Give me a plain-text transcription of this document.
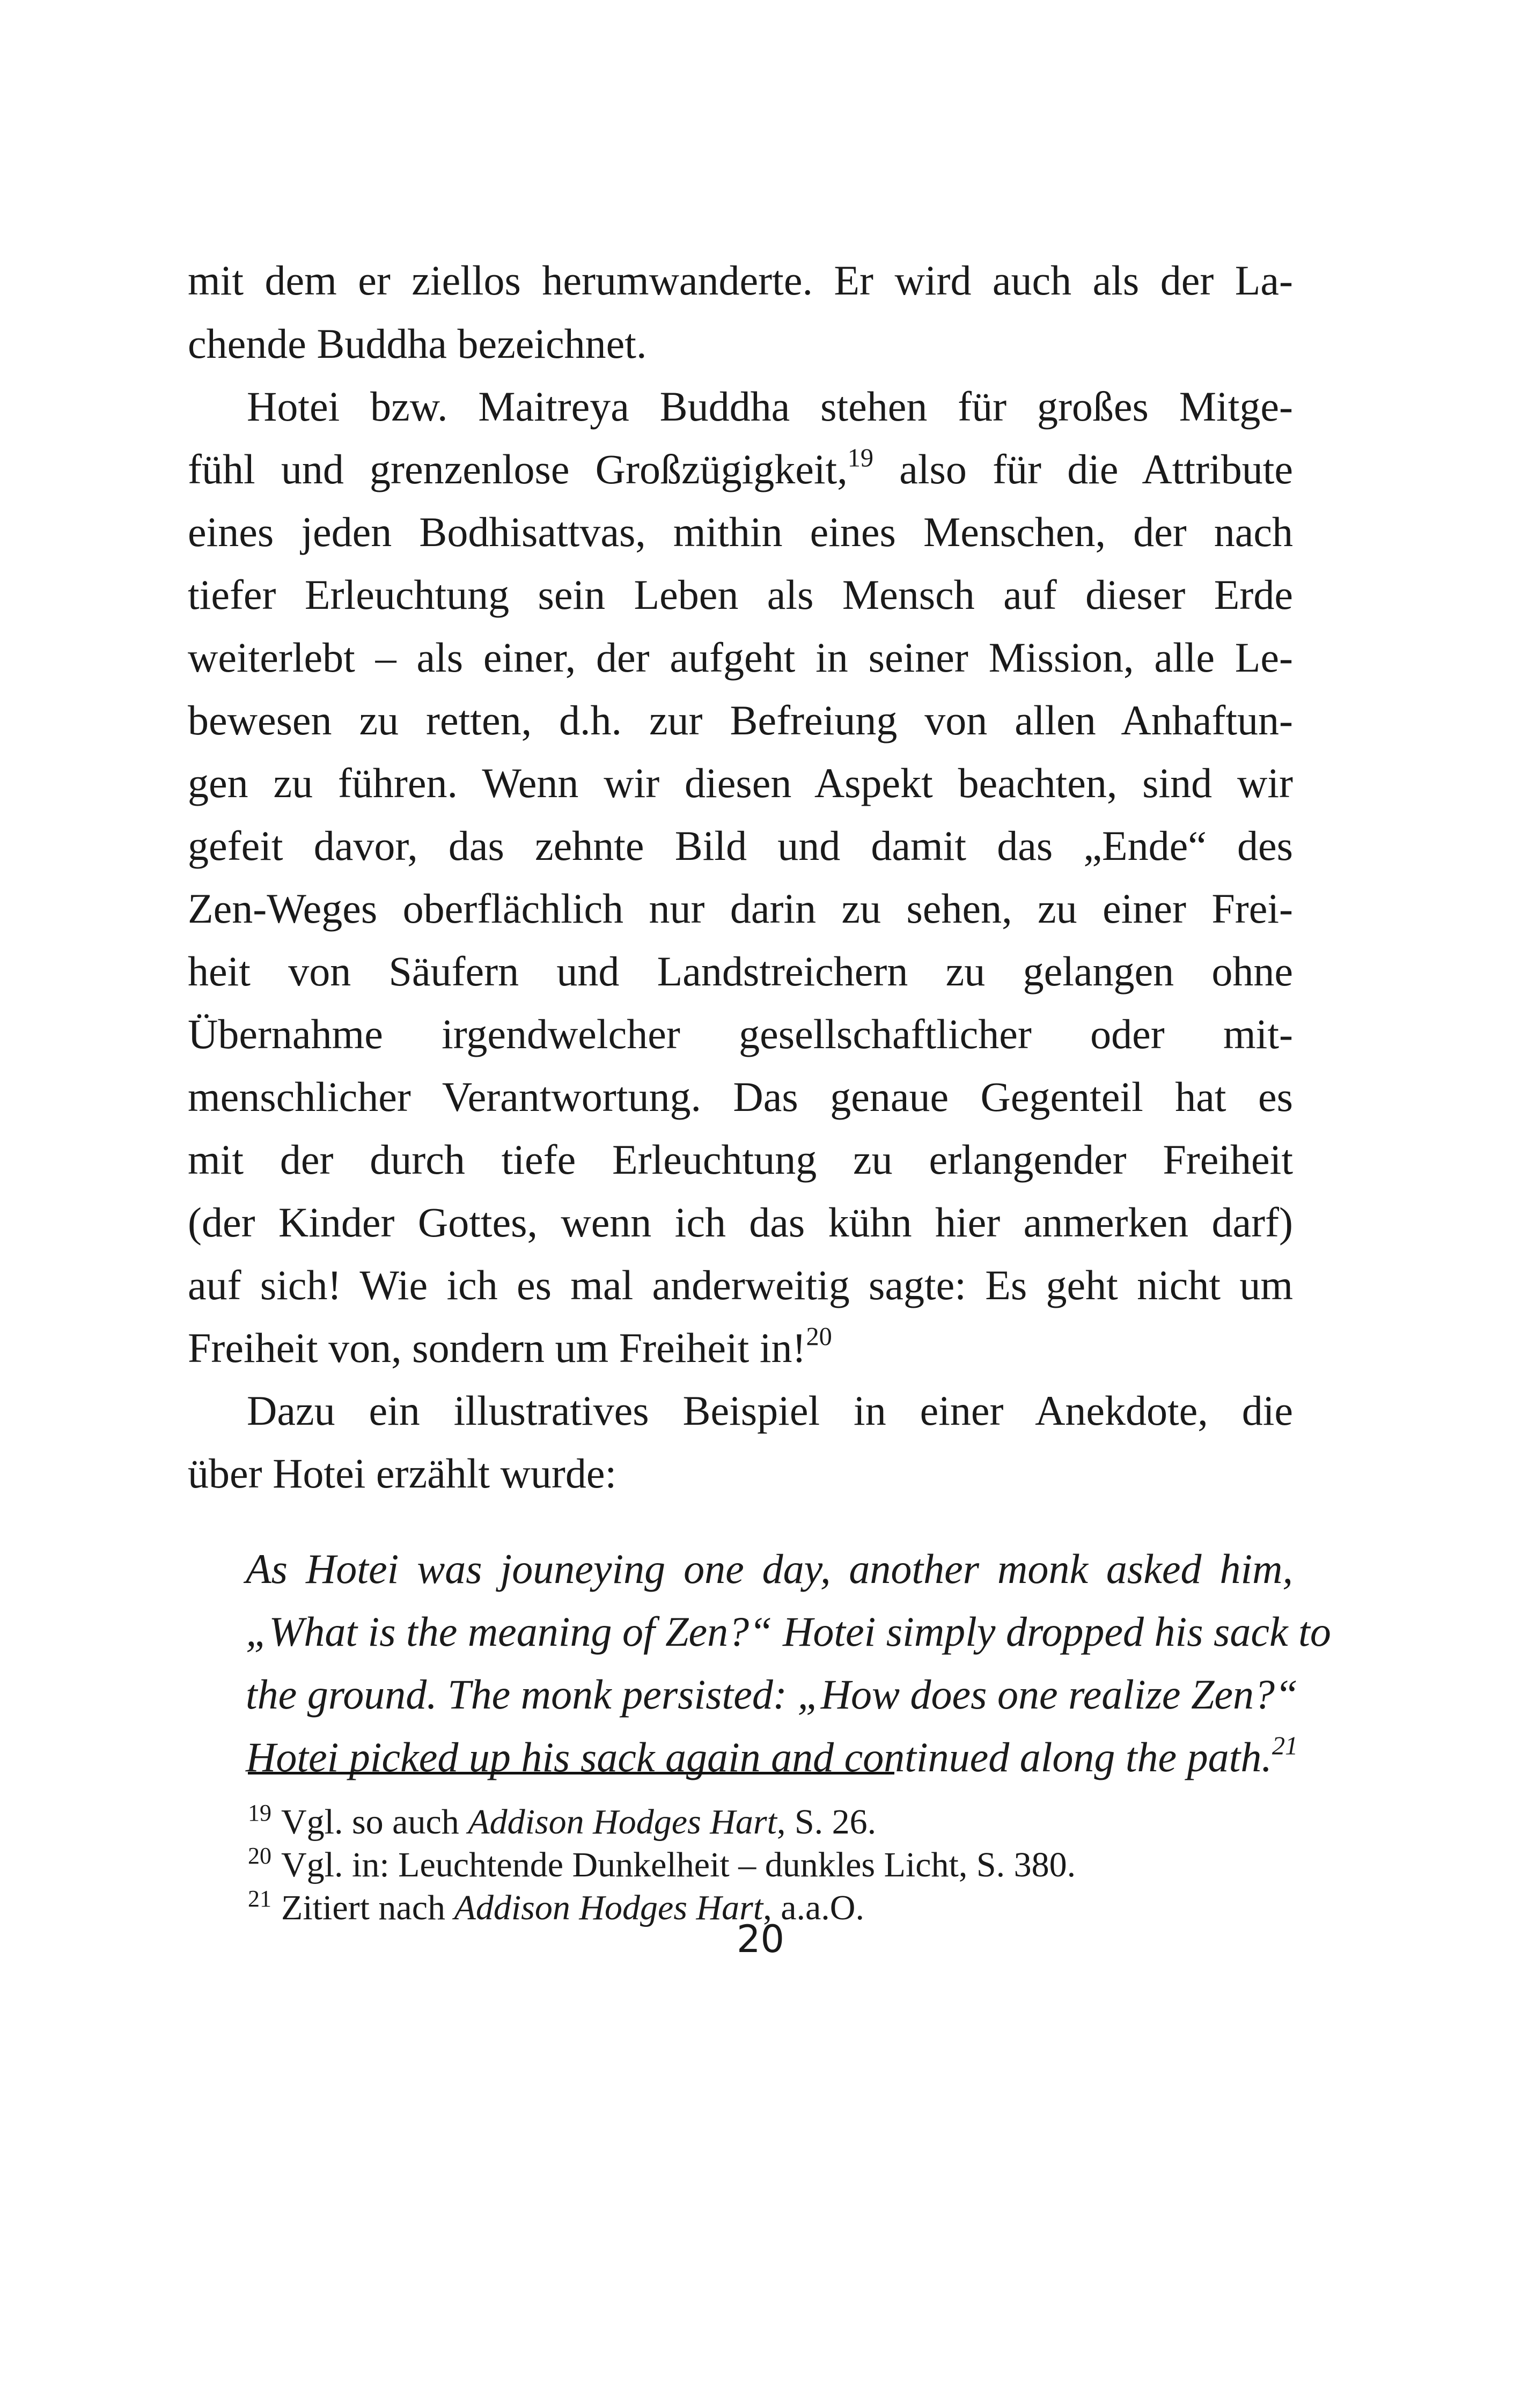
mit dem er ziellos herumwanderte. Er wird auch als der La-
chende Buddha bezeichnet.
Hotei bzw. Maitreya Buddha stehen für großes Mitge-
fühl und grenzenlose Großzügigkeit,$^{19}$ also für die Attribute
eines jeden Bodhisattvas, mithin eines Menschen, der nach
tiefer Erleuchtung sein Leben als Mensch auf dieser Erde
weiterlebt – als einer, der aufgeht in seiner Mission, alle Le-
bewesen zu retten, d.h. zur Befreiung von allen Anhaftun-
gen zu führen. Wenn wir diesen Aspekt beachten, sind wir
gefeit davor, das zehnte Bild und damit das „Ende“ des
Zen-Weges oberflächlich nur darin zu sehen, zu einer Frei-
heit von Säufern und Landstreichern zu gelangen ohne
Übernahme irgendwelcher gesellschaftlicher oder mit-
menschlicher Verantwortung. Das genaue Gegenteil hat es
mit der durch tiefe Erleuchtung zu erlangender Freiheit
(der Kinder Gottes, wenn ich das kühn hier anmerken darf)
auf sich! Wie ich es mal anderweitig sagte: Es geht nicht um
Freiheit von, sondern um Freiheit in!$^{20}$
Dazu ein illustratives Beispiel in einer Anekdote, die
über Hotei erzählt wurde:
As Hotei was jouneying one day, another monk asked him,
„What is the meaning of Zen?“ Hotei simply dropped his sack to
the ground. The monk persisted: „How does one realize Zen?“
Hotei picked up his sack again and continued along the path.$^{21}$
$^{19}$ Vgl. so auch Addison Hodges Hart, S. 26.
$^{20}$ Vgl. in: Leuchtende Dunkelheit – dunkles Licht, S. 380.
$^{21}$ Zitiert nach Addison Hodges Hart, a.a.O.
20
